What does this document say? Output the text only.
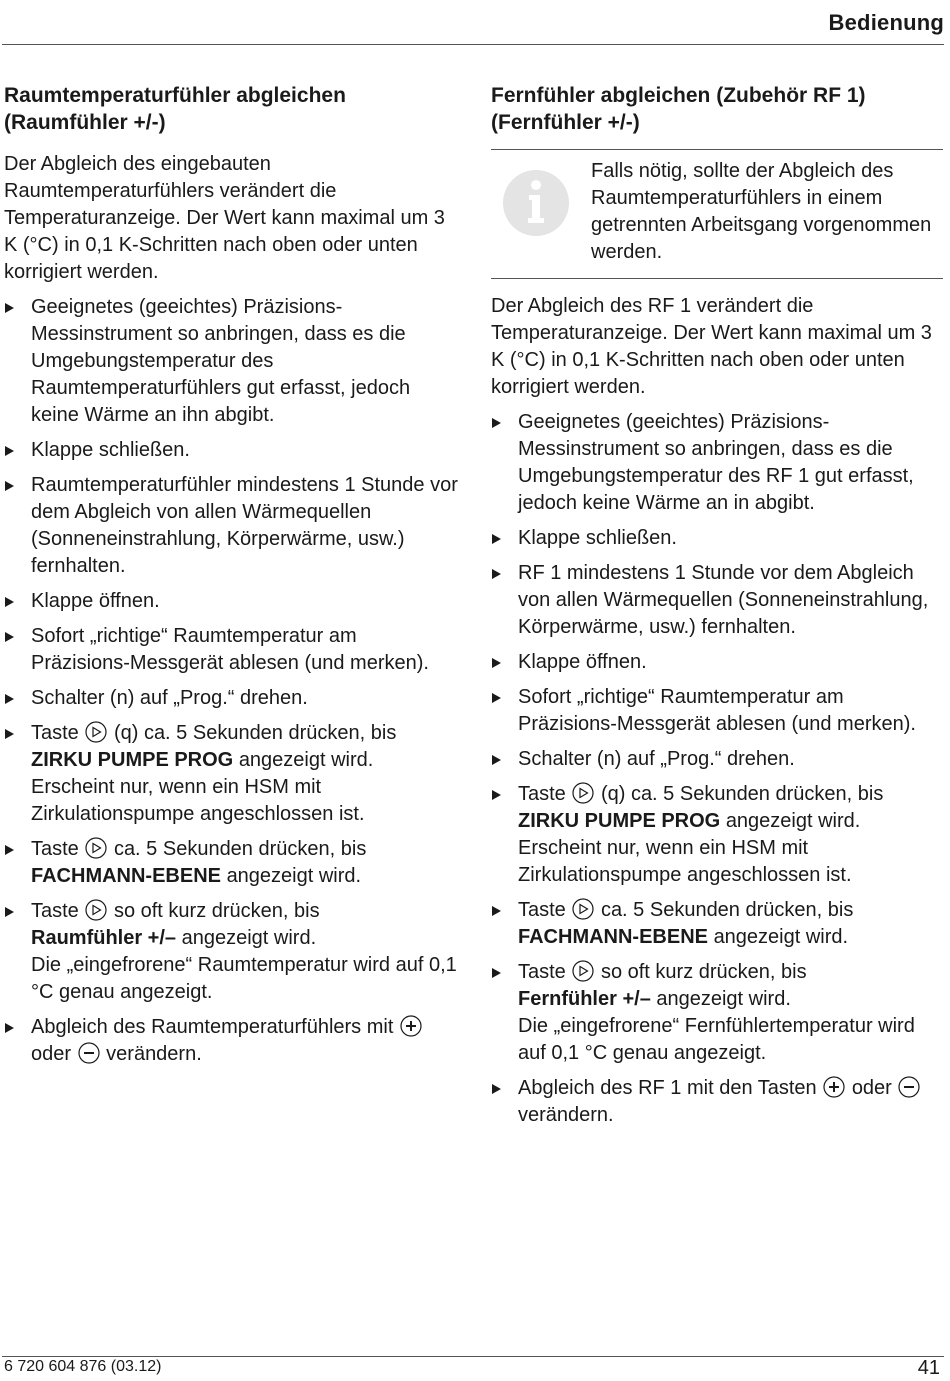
Bedienung
Raumtemperaturfühler abgleichen
(Raumfühler +/-)

Der Abgleich des eingebauten Raumtemperaturfühlers verändert die Temperaturanzeige. Der Wert kann maximal um 3 K (°C) in 0,1 K-Schritten nach oben oder unten korrigiert werden.

Geeignetes (geeichtes) Präzisions-Messinstrument so anbringen, dass es die Umgebungstemperatur des Raumtemperaturfühlers gut erfasst, jedoch keine Wärme an ihn abgibt.
Klappe schließen.
Raumtemperaturfühler mindestens 1 Stunde vor dem Abgleich von allen Wärmequellen (Sonneneinstrahlung, Körperwärme, usw.) fernhalten.
Klappe öffnen.
Sofort „richtige“ Raumtemperatur am Präzisions-Messgerät ablesen (und merken).
Schalter (n) auf „Prog.“ drehen.
Taste (q) ca. 5 Sekunden drücken, bis
ZIRKU PUMPE PROG angezeigt wird.
Erscheint nur, wenn ein HSM mit Zirkulationspumpe angeschlossen ist.
Taste ca. 5 Sekunden drücken, bis
FACHMANN-EBENE angezeigt wird.
Taste so oft kurz drücken, bis
Raumfühler +/– angezeigt wird.
Die „eingefrorene“ Raumtemperatur wird auf 0,1 °C genau angezeigt.
Abgleich des Raumtemperaturfühlers mit
oder verändern.
Fernfühler abgleichen (Zubehör RF 1)
(Fernfühler +/-)

Falls nötig, sollte der Abgleich des Raumtemperaturfühlers in einem getrennten Arbeitsgang vorgenommen werden.

Der Abgleich des RF 1 verändert die Temperaturanzeige. Der Wert kann maximal um 3 K (°C) in 0,1 K-Schritten nach oben oder unten korrigiert werden.

Geeignetes (geeichtes) Präzisions-Messinstrument so anbringen, dass es die Umgebungstemperatur des RF 1 gut erfasst, jedoch keine Wärme an in abgibt.
Klappe schließen.
RF 1 mindestens 1 Stunde vor dem Abgleich von allen Wärmequellen (Sonneneinstrahlung, Körperwärme, usw.) fernhalten.
Klappe öffnen.
Sofort „richtige“ Raumtemperatur am Präzisions-Messgerät ablesen (und merken).
Schalter (n) auf „Prog.“ drehen.
Taste (q) ca. 5 Sekunden drücken, bis
ZIRKU PUMPE PROG angezeigt wird.
Erscheint nur, wenn ein HSM mit Zirkulationspumpe angeschlossen ist.
Taste ca. 5 Sekunden drücken, bis
FACHMANN-EBENE angezeigt wird.
Taste so oft kurz drücken, bis
Fernfühler +/– angezeigt wird.
Die „eingefrorene“ Fernfühlertemperatur wird auf 0,1 °C genau angezeigt.
Abgleich des RF 1 mit den Tasten oder
verändern.
6 720 604 876 (03.12)	41
